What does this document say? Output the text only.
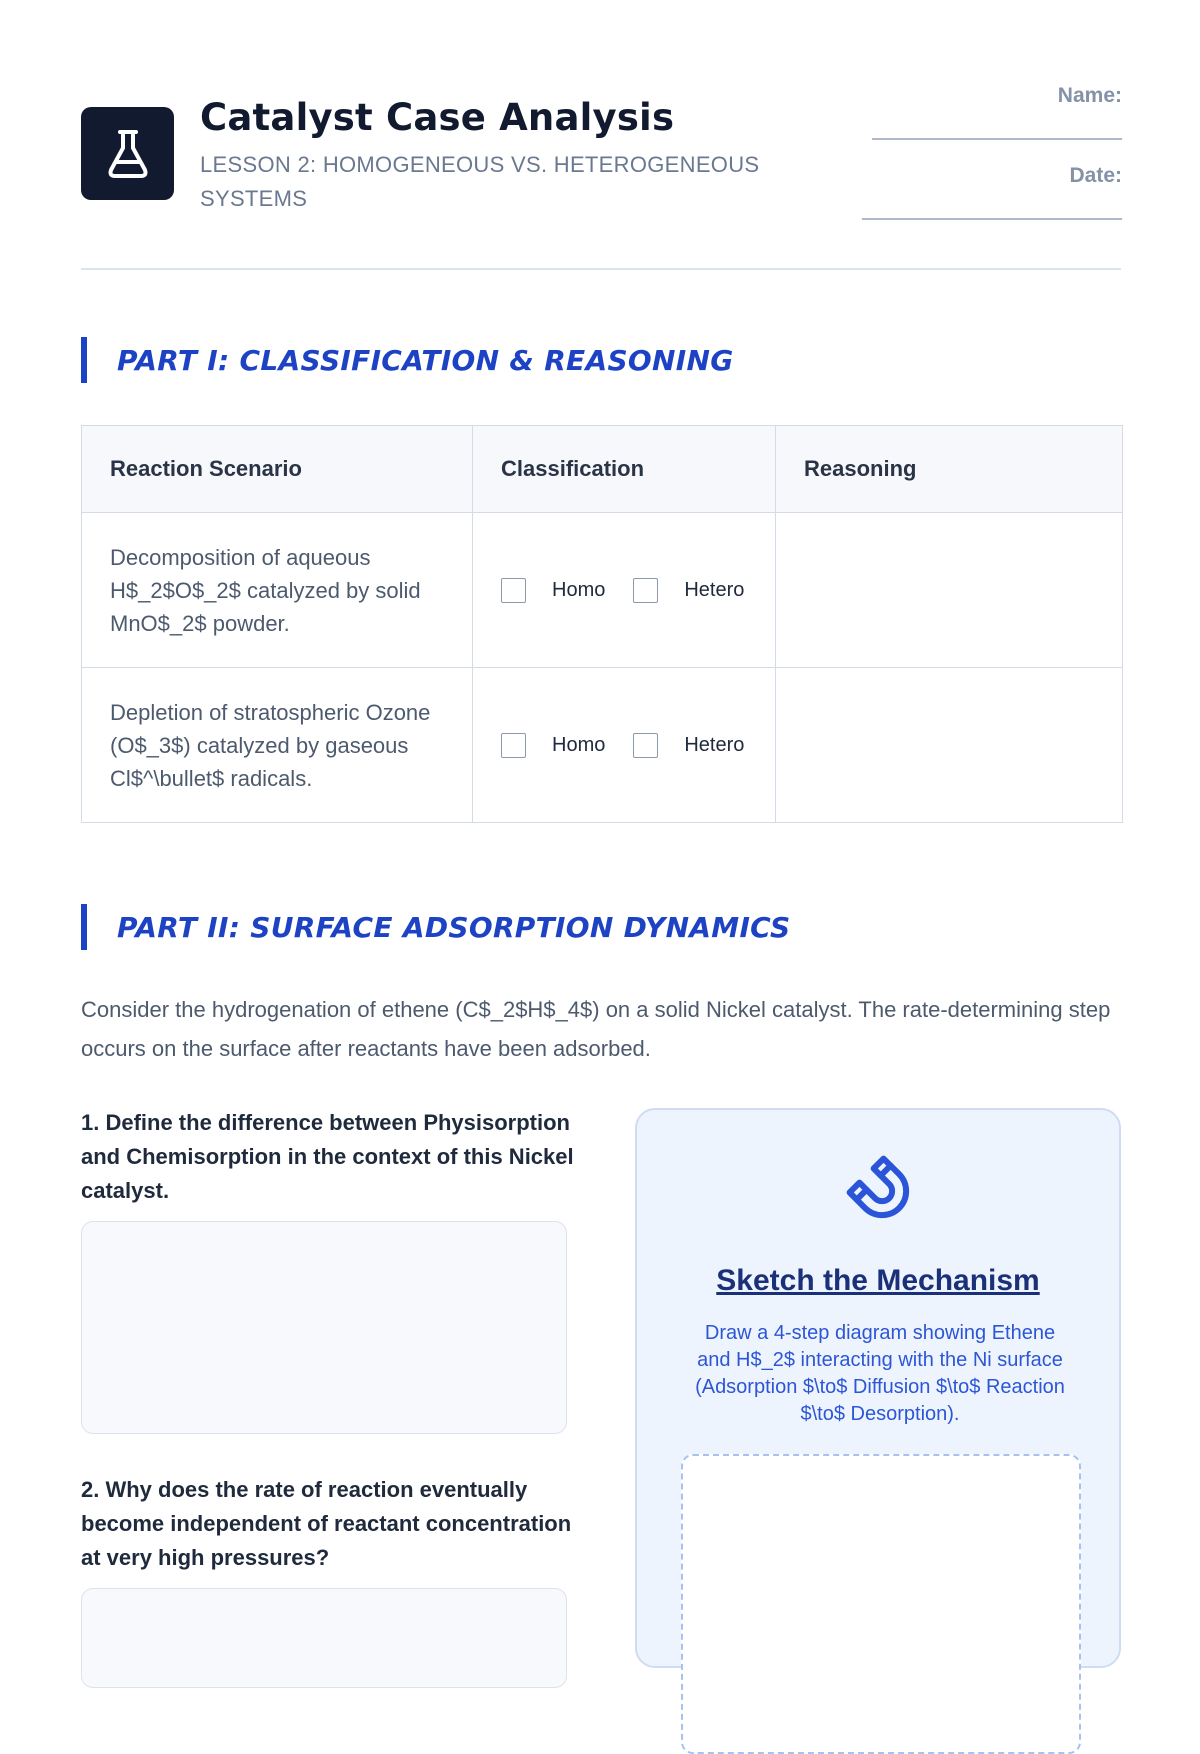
Catalyst Case Analysis
LESSON 2: HOMOGENEOUS VS. HETEROGENEOUS SYSTEMS
Name:
Date:
PART I: CLASSIFICATION & REASONING
Reaction Scenario	Classification	Reasoning

Decomposition of aqueous H$_2$O$_2$ catalyzed by solid MnO$_2$ powder.	Homo Hetero	

Depletion of stratospheric Ozone (O$_3$) catalyzed by gaseous Cl$^\bullet$ radicals.	Homo Hetero	

PART II: SURFACE ADSORPTION DYNAMICS

Consider the hydrogenation of ethene (C$_2$H$_4$) on a solid Nickel catalyst. The rate-determining step occurs on the surface after reactants have been adsorbed.

1. Define the difference between Physisorption and Chemisorption in the context of this Nickel catalyst.

2. Why does the rate of reaction eventually become independent of reactant concentration at very high pressures?

Sketch the Mechanism

Draw a 4-step diagram showing Ethene and H$_2$ interacting with the Ni surface (Adsorption $\to$ Diffusion $\to$ Reaction $\to$ Desorption).
